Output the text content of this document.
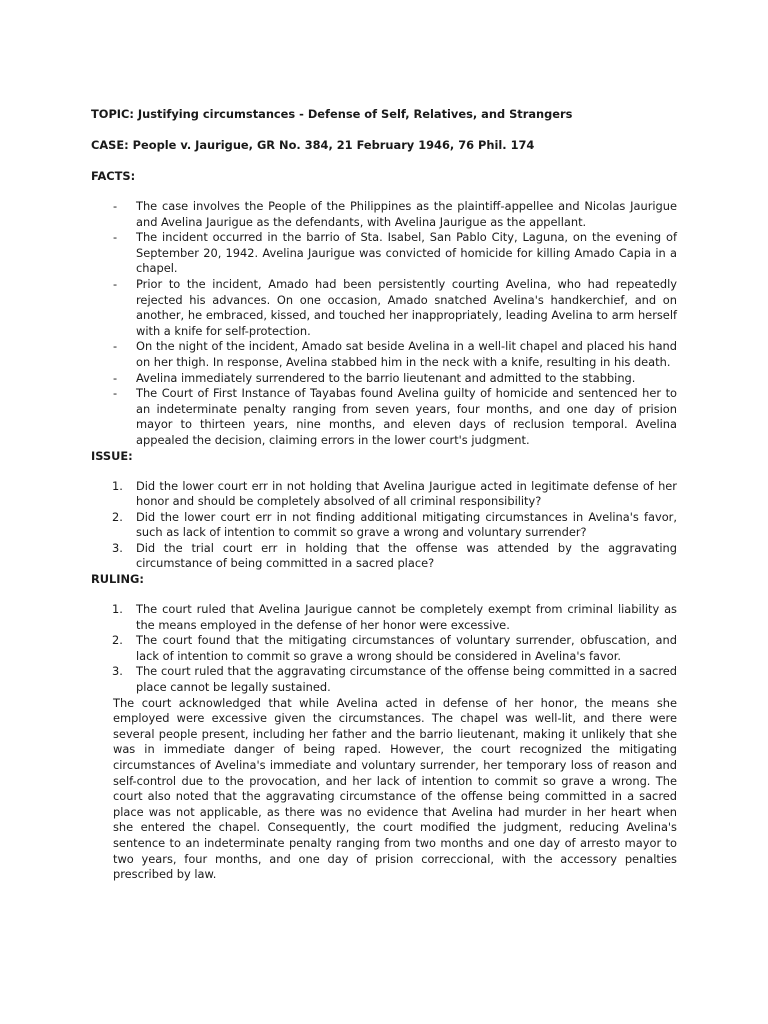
TOPIC: Justifying circumstances - Defense of Self, Relatives, and Strangers

CASE: People v. Jaurigue, GR No. 384, 21 February 1946, 76 Phil. 174

FACTS:

- The case involves the People of the Philippines as the plaintiff-appellee and Nicolas Jaurigue and Avelina Jaurigue as the defendants, with Avelina Jaurigue as the appellant.
- The incident occurred in the barrio of Sta. Isabel, San Pablo City, Laguna, on the evening of September 20, 1942. Avelina Jaurigue was convicted of homicide for killing Amado Capia in a chapel.
- Prior to the incident, Amado had been persistently courting Avelina, who had repeatedly rejected his advances. On one occasion, Amado snatched Avelina's handkerchief, and on another, he embraced, kissed, and touched her inappropriately, leading Avelina to arm herself with a knife for self-protection.
- On the night of the incident, Amado sat beside Avelina in a well-lit chapel and placed his hand on her thigh. In response, Avelina stabbed him in the neck with a knife, resulting in his death.
- Avelina immediately surrendered to the barrio lieutenant and admitted to the stabbing.
- The Court of First Instance of Tayabas found Avelina guilty of homicide and sentenced her to an indeterminate penalty ranging from seven years, four months, and one day of prision mayor to thirteen years, nine months, and eleven days of reclusion temporal. Avelina appealed the decision, claiming errors in the lower court's judgment.

ISSUE:

1. Did the lower court err in not holding that Avelina Jaurigue acted in legitimate defense of her honor and should be completely absolved of all criminal responsibility?
2. Did the lower court err in not finding additional mitigating circumstances in Avelina's favor, such as lack of intention to commit so grave a wrong and voluntary surrender?
3. Did the trial court err in holding that the offense was attended by the aggravating circumstance of being committed in a sacred place?

RULING:

1. The court ruled that Avelina Jaurigue cannot be completely exempt from criminal liability as the means employed in the defense of her honor were excessive.
2. The court found that the mitigating circumstances of voluntary surrender, obfuscation, and lack of intention to commit so grave a wrong should be considered in Avelina's favor.
3. The court ruled that the aggravating circumstance of the offense being committed in a sacred place cannot be legally sustained.

The court acknowledged that while Avelina acted in defense of her honor, the means she employed were excessive given the circumstances. The chapel was well-lit, and there were several people present, including her father and the barrio lieutenant, making it unlikely that she was in immediate danger of being raped. However, the court recognized the mitigating circumstances of Avelina's immediate and voluntary surrender, her temporary loss of reason and self-control due to the provocation, and her lack of intention to commit so grave a wrong. The court also noted that the aggravating circumstance of the offense being committed in a sacred place was not applicable, as there was no evidence that Avelina had murder in her heart when she entered the chapel. Consequently, the court modified the judgment, reducing Avelina's sentence to an indeterminate penalty ranging from two months and one day of arresto mayor to two years, four months, and one day of prision correccional, with the accessory penalties prescribed by law.
